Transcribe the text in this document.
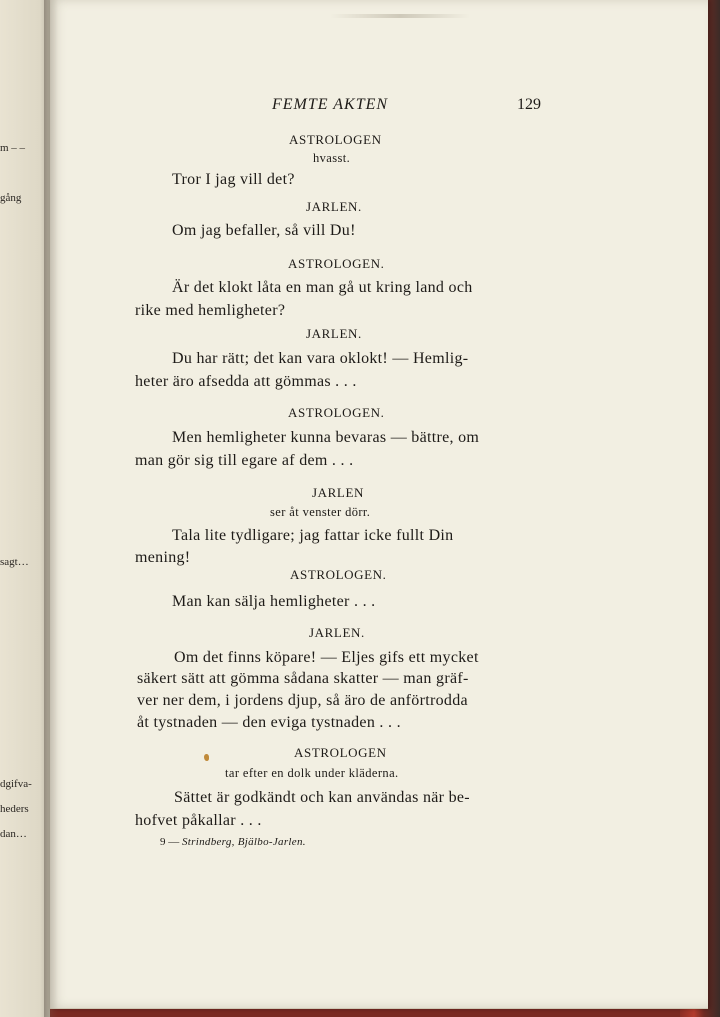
m – –
gång
sagt…
dgifva-
heders
dan…
FEMTE AKTEN	129
ASTROLOGEN
hvasst.
Tror I jag vill det?
JARLEN.
Om jag befaller, så vill Du!
ASTROLOGEN.
Är det klokt låta en man gå ut kring land och
rike med hemligheter?
JARLEN.
Du har rätt; det kan vara oklokt! — Hemlig-
heter äro afsedda att gömmas . . .
ASTROLOGEN.
Men hemligheter kunna bevaras — bättre, om
man gör sig till egare af dem . . .
JARLEN
ser åt venster dörr.
Tala lite tydligare; jag fattar icke fullt Din
mening!
ASTROLOGEN.
Man kan sälja hemligheter . . .
JARLEN.
Om det finns köpare! — Eljes gifs ett mycket
säkert sätt att gömma sådana skatter — man gräf-
ver ner dem, i jordens djup, så äro de anförtrodda
åt tystnaden — den eviga tystnaden . . .
ASTROLOGEN
tar efter en dolk under kläderna.
Sättet är godkändt och kan användas när be-
hofvet påkallar . . .
9 — Strindberg, Bjälbo-Jarlen.
